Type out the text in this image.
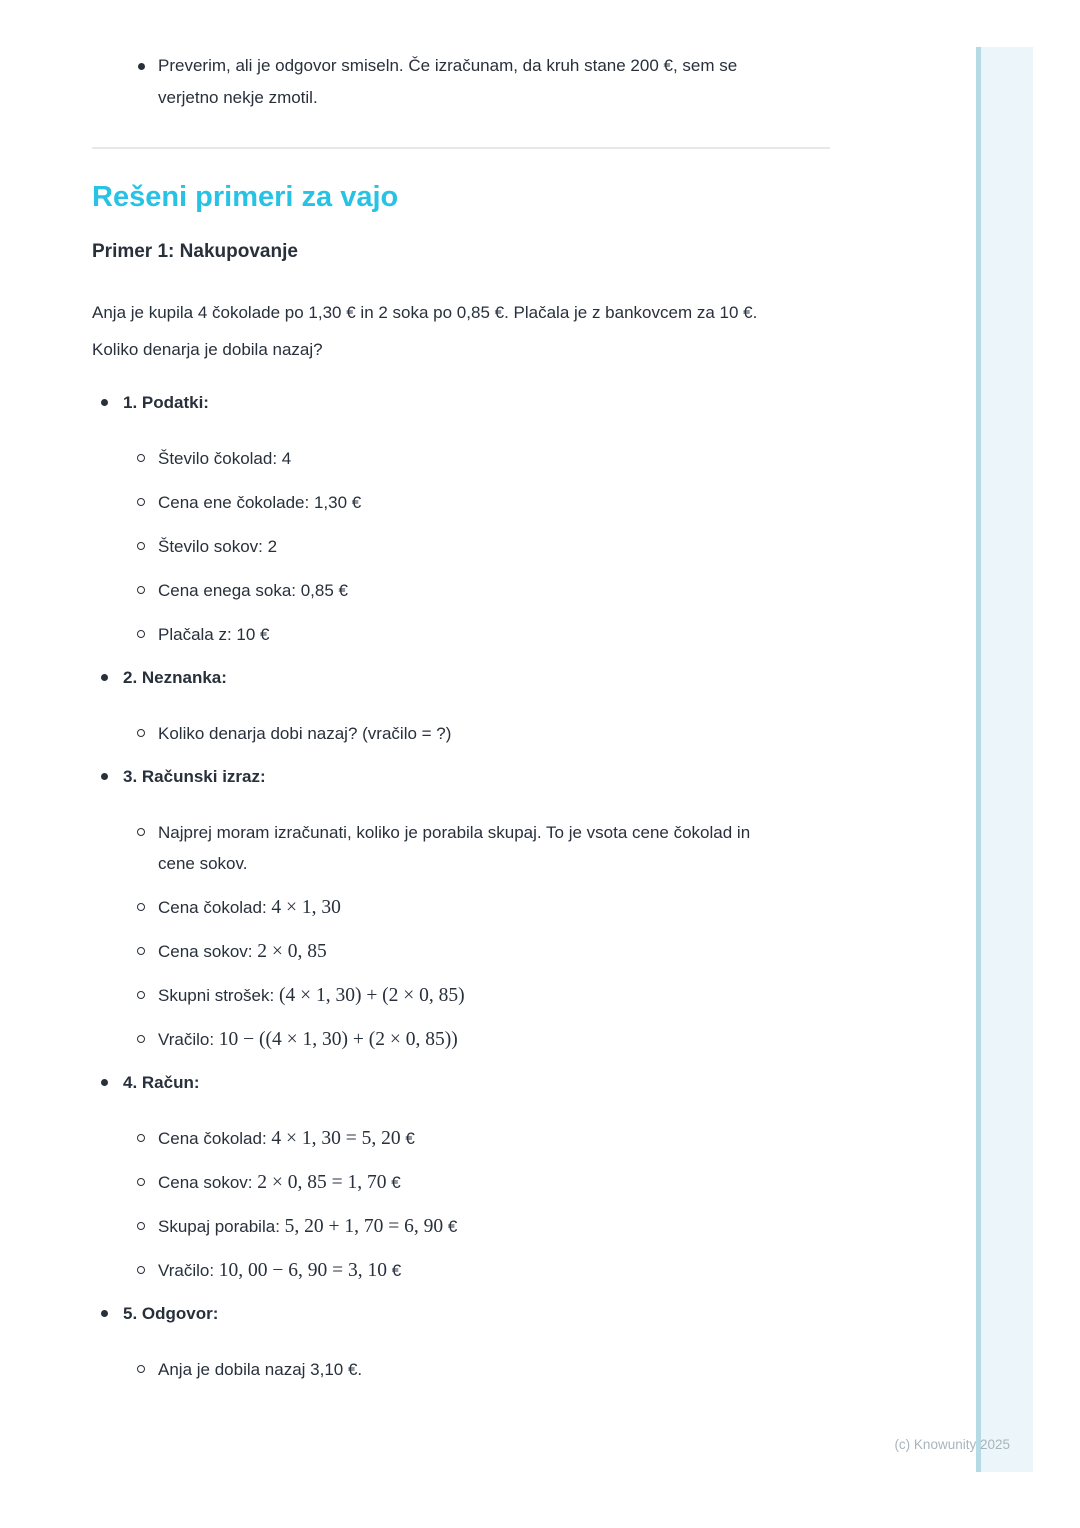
Preverim, ali je odgovor smiseln. Če izračunam, da kruh stane 200 €, sem se verjetno nekje zmotil.
Rešeni primeri za vajo
Primer 1: Nakupovanje

Anja je kupila 4 čokolade po 1,30 € in 2 soka po 0,85 €. Plačala je z bankovcem za 10 €. Koliko denarja je dobila nazaj?

1. Podatki:
Število čokolad: 4
Cena ene čokolade: 1,30 €
Število sokov: 2
Cena enega soka: 0,85 €
Plačala z: 10 €
2. Neznanka:
Koliko denarja dobi nazaj? (vračilo = ?)
3. Računski izraz:
Najprej moram izračunati, koliko je porabila skupaj. To je vsota cene čokolad in cene sokov.
Cena čokolad: 4 × 1, 30
Cena sokov: 2 × 0, 85
Skupni strošek: (4 × 1, 30) + (2 × 0, 85)
Vračilo: 10 − ((4 × 1, 30) + (2 × 0, 85))
4. Račun:
Cena čokolad: 4 × 1, 30 = 5, 20 €
Cena sokov: 2 × 0, 85 = 1, 70 €
Skupaj porabila: 5, 20 + 1, 70 = 6, 90 €
Vračilo: 10, 00 − 6, 90 = 3, 10 €
5. Odgovor:
Anja je dobila nazaj 3,10 €.
(c) Knowunity 2025
